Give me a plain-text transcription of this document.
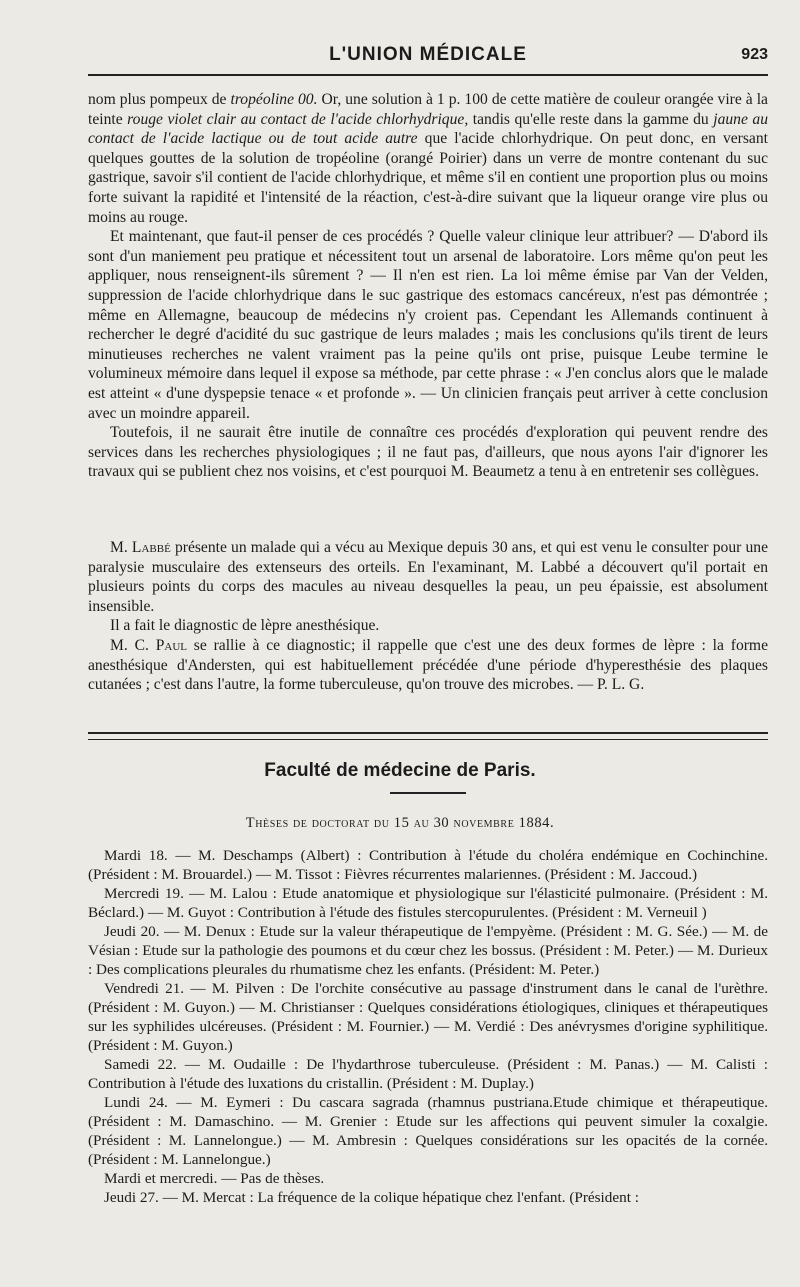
L'UNION MÉDICALE	923

nom plus pompeux de tropéoline 00. Or, une solution à 1 p. 100 de cette matière de couleur orangée vire à la teinte rouge violet clair au contact de l'acide chlorhydrique, tandis qu'elle reste dans la gamme du jaune au contact de l'acide lactique ou de tout acide autre que l'acide chlorhydrique. On peut donc, en versant quelques gouttes de la solution de tropéoline (orangé Poirier) dans un verre de montre contenant du suc gastrique, savoir s'il contient de l'acide chlorhydrique, et même s'il en contient une proportion plus ou moins forte suivant la rapidité et l'intensité de la réaction, c'est-à-dire suivant que la liqueur orange vire plus ou moins au rouge.

Et maintenant, que faut-il penser de ces procédés ? Quelle valeur clinique leur attribuer? — D'abord ils sont d'un maniement peu pratique et nécessitent tout un arsenal de laboratoire. Lors même qu'on peut les appliquer, nous renseignent-ils sûrement ? — Il n'en est rien. La loi même émise par Van der Velden, suppression de l'acide chlorhydrique dans le suc gastrique des estomacs cancéreux, n'est pas démontrée ; même en Allemagne, beaucoup de médecins n'y croient pas. Cependant les Allemands continuent à rechercher le degré d'acidité du suc gastrique de leurs malades ; mais les conclusions qu'ils tirent de leurs minutieuses recherches ne valent vraiment pas la peine qu'ils ont prise, puisque Leube termine le volumineux mémoire dans lequel il expose sa méthode, par cette phrase : « J'en conclus alors que le malade est atteint « d'une dyspepsie tenace « et profonde ». — Un clinicien français peut arriver à cette conclusion avec un moindre appareil.

Toutefois, il ne saurait être inutile de connaître ces procédés d'exploration qui peuvent rendre des services dans les recherches physiologiques ; il ne faut pas, d'ailleurs, que nous ayons l'air d'ignorer les travaux qui se publient chez nos voisins, et c'est pourquoi M. Beaumetz a tenu à en entretenir ses collègues.

M. Labbé présente un malade qui a vécu au Mexique depuis 30 ans, et qui est venu le consulter pour une paralysie musculaire des extenseurs des orteils. En l'examinant, M. Labbé a découvert qu'il portait en plusieurs points du corps des macules au niveau desquelles la peau, un peu épaissie, est absolument insensible.

Il a fait le diagnostic de lèpre anesthésique.

M. C. Paul se rallie à ce diagnostic; il rappelle que c'est une des deux formes de lèpre : la forme anesthésique d'Andersten, qui est habituellement précédée d'une période d'hyperesthésie des plaques cutanées ; c'est dans l'autre, la forme tuberculeuse, qu'on trouve des microbes. — P. L. G.

Faculté de médecine de Paris.
Thèses de doctorat du 15 au 30 novembre 1884.

Mardi 18. — M. Deschamps (Albert) : Contribution à l'étude du choléra endémique en Cochinchine. (Président : M. Brouardel.) — M. Tissot : Fièvres récurrentes malariennes. (Président : M. Jaccoud.)

Mercredi 19. — M. Lalou : Etude anatomique et physiologique sur l'élasticité pulmonaire. (Président : M. Béclard.) — M. Guyot : Contribution à l'étude des fistules stercopurulentes. (Président : M. Verneuil )

Jeudi 20. — M. Denux : Etude sur la valeur thérapeutique de l'empyème. (Président : M. G. Sée.) — M. de Vésian : Etude sur la pathologie des poumons et du cœur chez les bossus. (Président : M. Peter.) — M. Durieux : Des complications pleurales du rhumatisme chez les enfants. (Président: M. Peter.)

Vendredi 21. — M. Pilven : De l'orchite consécutive au passage d'instrument dans le canal de l'urèthre. (Président : M. Guyon.) — M. Christianser : Quelques considérations étiologiques, cliniques et thérapeutiques sur les syphilides ulcéreuses. (Président : M. Fournier.) — M. Verdié : Des anévrysmes d'origine syphilitique. (Président : M. Guyon.)

Samedi 22. — M. Oudaille : De l'hydarthrose tuberculeuse. (Président : M. Panas.) — M. Calisti : Contribution à l'étude des luxations du cristallin. (Président : M. Duplay.)

Lundi 24. — M. Eymeri : Du cascara sagrada (rhamnus pustriana.Etude chimique et thérapeutique. (Président : M. Damaschino. — M. Grenier : Etude sur les affections qui peuvent simuler la coxalgie. (Président : M. Lannelongue.) — M. Ambresin : Quelques considérations sur les opacités de la cornée. (Président : M. Lannelongue.)

Mardi et mercredi. — Pas de thèses.

Jeudi 27. — M. Mercat : La fréquence de la colique hépatique chez l'enfant. (Président :
